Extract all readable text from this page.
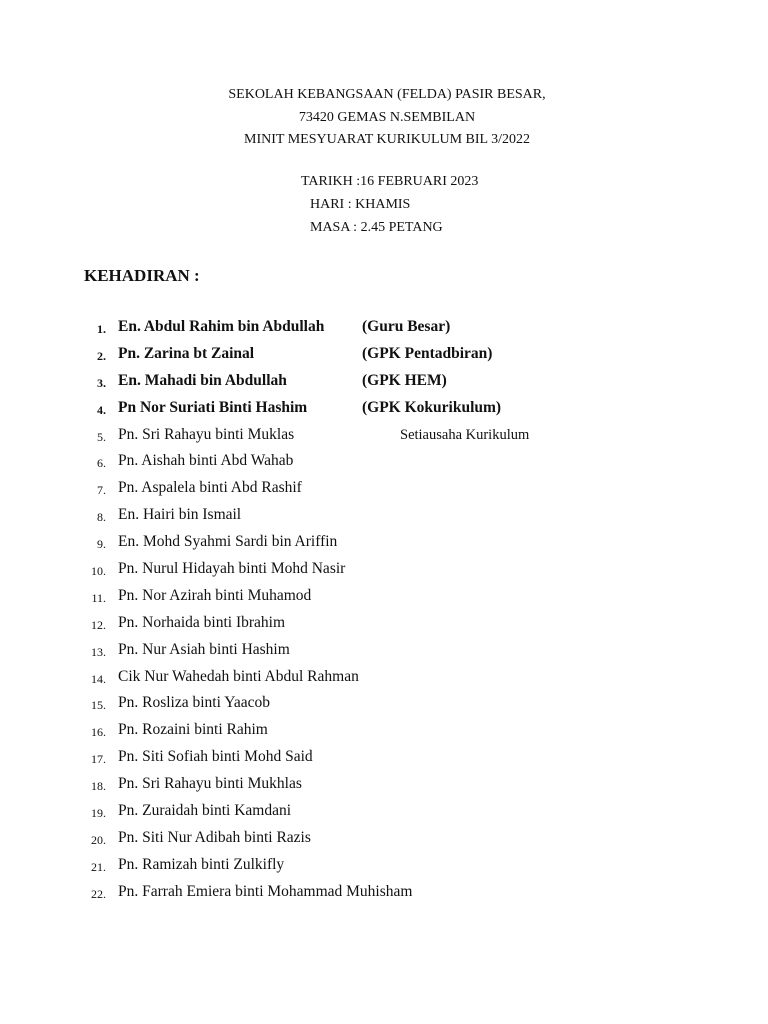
SEKOLAH KEBANGSAAN (FELDA) PASIR BESAR,
73420 GEMAS N.SEMBILAN
MINIT MESYUARAT KURIKULUM BIL 3/2022
TARIKH :16 FEBRUARI 2023
HARI : KHAMIS
MASA : 2.45 PETANG
KEHADIRAN :
1. En. Abdul Rahim bin Abdullah (Guru Besar)
2. Pn. Zarina bt Zainal	(GPK Pentadbiran)
3. En. Mahadi bin Abdullah	(GPK HEM)
4. Pn Nor Suriati Binti Hashim	(GPK Kokurikulum)
5. Pn. Sri Rahayu binti Muklas	Setiausaha Kurikulum
6. Pn. Aishah binti Abd Wahab
7. Pn. Aspalela binti Abd Rashif
8. En. Hairi bin Ismail
9. En. Mohd Syahmi Sardi bin Ariffin
10. Pn. Nurul Hidayah binti Mohd Nasir
11. Pn. Nor Azirah binti Muhamod
12. Pn. Norhaida binti Ibrahim
13. Pn. Nur Asiah binti Hashim
14. Cik Nur Wahedah binti Abdul Rahman
15. Pn. Rosliza binti Yaacob
16. Pn. Rozaini binti Rahim
17. Pn. Siti Sofiah binti Mohd Said
18. Pn. Sri Rahayu binti Mukhlas
19. Pn. Zuraidah binti Kamdani
20. Pn. Siti Nur Adibah binti Razis
21. Pn. Ramizah binti Zulkifly
22. Pn. Farrah Emiera binti Mohammad Muhisham
